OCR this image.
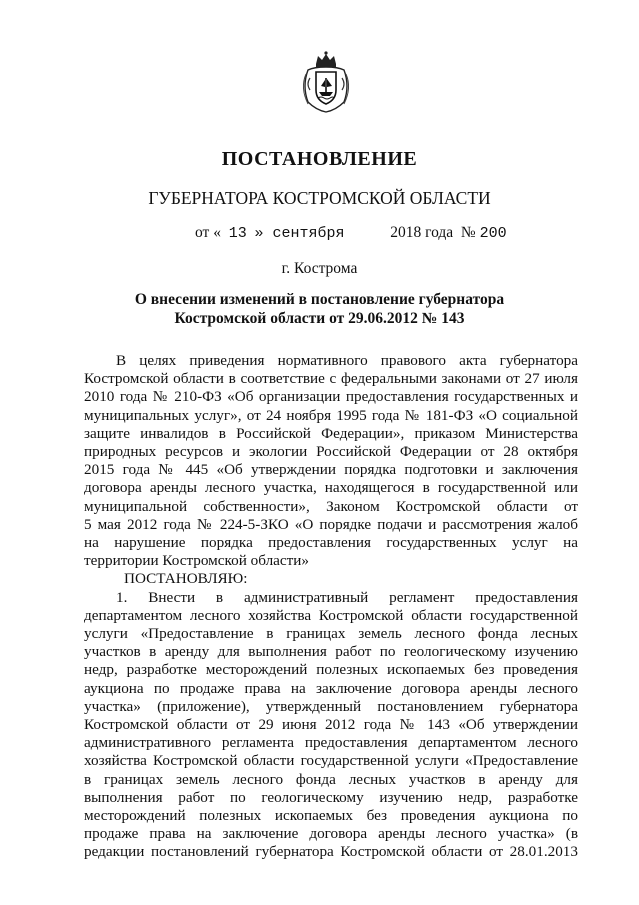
ПОСТАНОВЛЕНИЕ
ГУБЕРНАТОРА КОСТРОМСКОЙ ОБЛАСТИ
от « 13 » сентября	2018 года № 200
г. Кострома
О внесении изменений в постановление губернатора
Костромской области от 29.06.2012 № 143

В целях приведения нормативного правового акта губернатора

Костромской области в соответствие с федеральными законами от 27 июля

2010 года № 210-ФЗ «Об организации предоставления государственных и

муниципальных услуг», от 24 ноября 1995 года № 181-ФЗ «О социальной

защите инвалидов в Российской Федерации», приказом Министерства

природных ресурсов и экологии Российской Федерации от 28 октября

2015 года № 445 «Об утверждении порядка подготовки и заключения

договора аренды лесного участка, находящегося в государственной или

муниципальной собственности», Законом Костромской области от

5 мая 2012 года № 224-5-ЗКО «О порядке подачи и рассмотрения жалоб

на нарушение порядка предоставления государственных услуг на

территории Костромской области»

ПОСТАНОВЛЯЮ:

1. Внести в административный регламент предоставления

департаментом лесного хозяйства Костромской области государственной

услуги «Предоставление в границах земель лесного фонда лесных

участков в аренду для выполнения работ по геологическому изучению

недр, разработке месторождений полезных ископаемых без проведения

аукциона по продаже права на заключение договора аренды лесного

участка» (приложение), утвержденный постановлением губернатора

Костромской области от 29 июня 2012 года № 143 «Об утверждении

административного регламента предоставления департаментом лесного

хозяйства Костромской области государственной услуги «Предоставление

в границах земель лесного фонда лесных участков в аренду для

выполнения работ по геологическому изучению недр, разработке

месторождений полезных ископаемых без проведения аукциона по

продаже права на заключение договора аренды лесного участка» (в

редакции постановлений губернатора Костромской области от 28.01.2013
